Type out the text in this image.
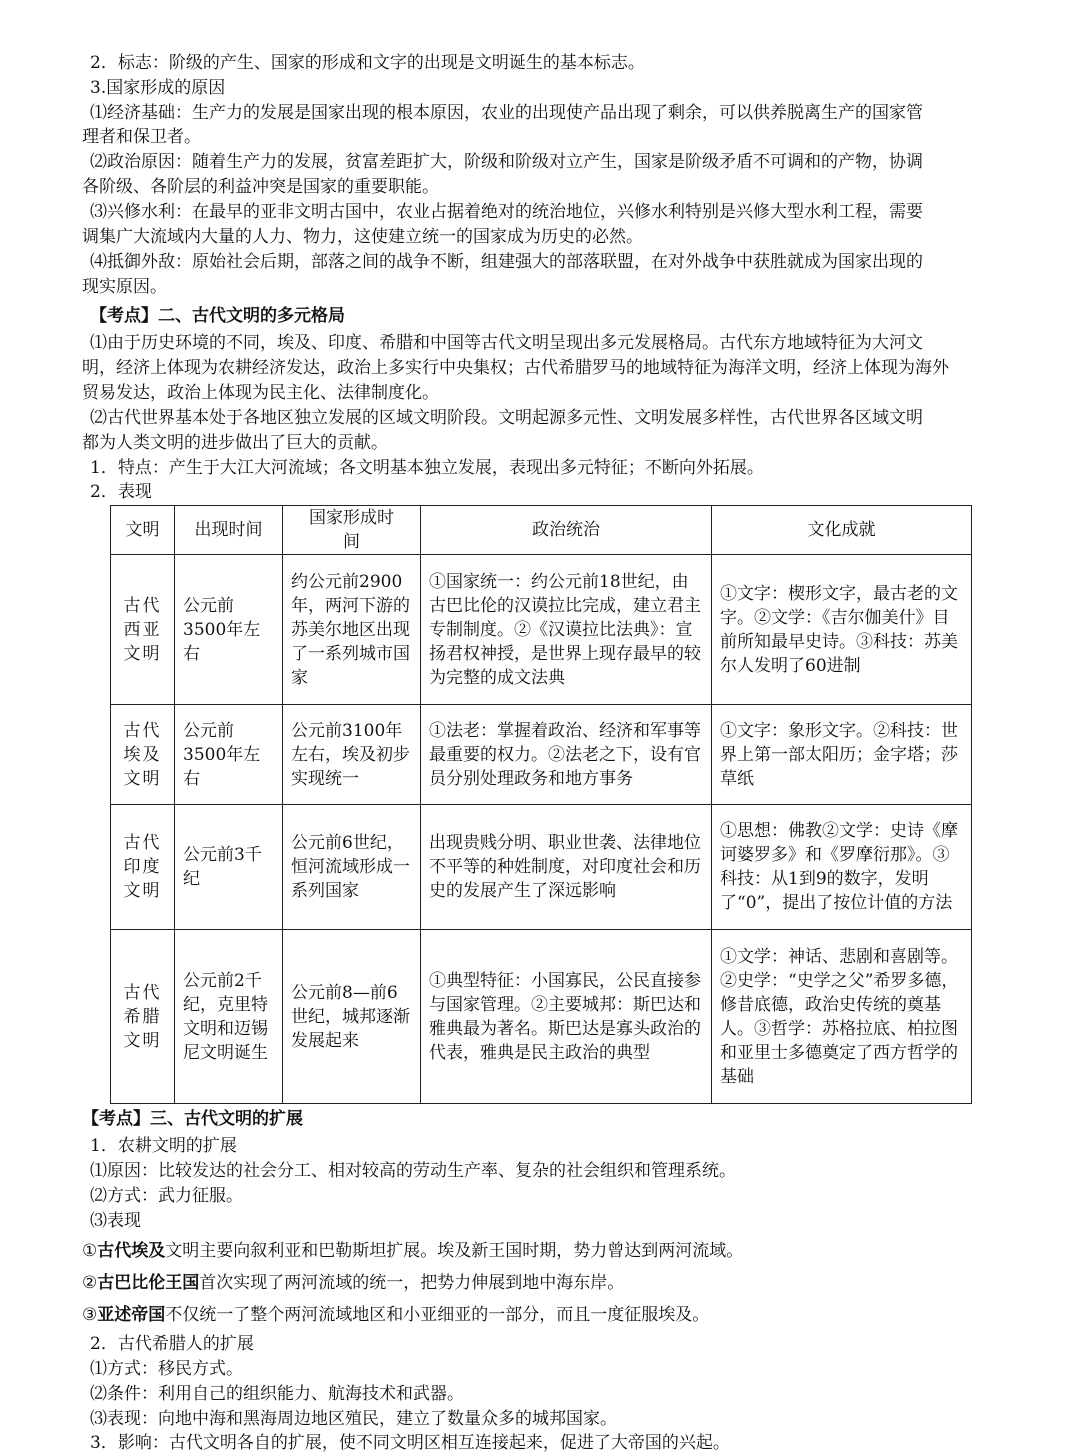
2．标志：阶级的产生、国家的形成和文字的出现是文明诞生的基本标志。
3.国家形成的原因
⑴经济基础：生产力的发展是国家出现的根本原因，农业的出现使产品出现了剩余，可以供养脱离生产的国家管
理者和保卫者。
⑵政治原因：随着生产力的发展，贫富差距扩大，阶级和阶级对立产生，国家是阶级矛盾不可调和的产物，协调
各阶级、各阶层的利益冲突是国家的重要职能。
⑶兴修水利：在最早的亚非文明古国中，农业占据着绝对的统治地位，兴修水利特别是兴修大型水利工程，需要
调集广大流域内大量的人力、物力，这使建立统一的国家成为历史的必然。
⑷抵御外敌：原始社会后期，部落之间的战争不断，组建强大的部落联盟，在对外战争中获胜就成为国家出现的
现实原因。
【考点】二、古代文明的多元格局
⑴由于历史环境的不同，埃及、印度、希腊和中国等古代文明呈现出多元发展格局。古代东方地域特征为大河文
明，经济上体现为农耕经济发达，政治上多实行中央集权；古代希腊罗马的地域特征为海洋文明，经济上体现为海外
贸易发达，政治上体现为民主化、法律制度化。
⑵古代世界基本处于各地区独立发展的区域文明阶段。文明起源多元性、文明发展多样性，古代世界各区域文明
都为人类文明的进步做出了巨大的贡献。
1．特点：产生于大江大河流域；各文明基本独立发展，表现出多元特征；不断向外拓展。
2．表现
文明	出现时间	国家形成时间	政治统治	文化成就
古代西亚文明	公元前3500年左右	约公元前2900年，两河下游的苏美尔地区出现了一系列城市国家	①国家统一：约公元前18世纪，由古巴比伦的汉谟拉比完成，建立君主专制制度。②《汉谟拉比法典》：宣扬君权神授，是世界上现存最早的较为完整的成文法典	①文字：楔形文字，最古老的文字。②文学：《吉尔伽美什》目前所知最早史诗。③科技：苏美尔人发明了60进制
古代埃及文明	公元前3500年左右	公元前3100年左右，埃及初步实现统一	①法老：掌握着政治、经济和军事等最重要的权力。②法老之下，设有官员分别处理政务和地方事务	①文字：象形文字。②科技：世界上第一部太阳历；金字塔；莎草纸
古代印度文明	公元前3千纪	公元前6世纪，恒河流域形成一系列国家	出现贵贱分明、职业世袭、法律地位不平等的种姓制度，对印度社会和历史的发展产生了深远影响	①思想：佛教②文学：史诗《摩诃婆罗多》和《罗摩衍那》。③科技：从1到9的数字，发明了“0”，提出了按位计值的方法
古代希腊文明	公元前2千纪，克里特文明和迈锡尼文明诞生	公元前8—前6世纪，城邦逐渐发展起来	①典型特征：小国寡民，公民直接参与国家管理。②主要城邦：斯巴达和雅典最为著名。斯巴达是寡头政治的代表，雅典是民主政治的典型	①文学：神话、悲剧和喜剧等。②史学：“史学之父”希罗多德，修昔底德，政治史传统的奠基人。③哲学：苏格拉底、柏拉图和亚里士多德奠定了西方哲学的基础
【考点】三、古代文明的扩展
1．农耕文明的扩展
⑴原因：比较发达的社会分工、相对较高的劳动生产率、复杂的社会组织和管理系统。
⑵方式：武力征服。
⑶表现
①古代埃及文明主要向叙利亚和巴勒斯坦扩展。埃及新王国时期，势力曾达到两河流域。
②古巴比伦王国首次实现了两河流域的统一，把势力伸展到地中海东岸。
③亚述帝国不仅统一了整个两河流域地区和小亚细亚的一部分，而且一度征服埃及。
2．古代希腊人的扩展
⑴方式：移民方式。
⑵条件：利用自己的组织能力、航海技术和武器。
⑶表现：向地中海和黑海周边地区殖民，建立了数量众多的城邦国家。
3．影响：古代文明各自的扩展，使不同文明区相互连接起来，促进了大帝国的兴起。
